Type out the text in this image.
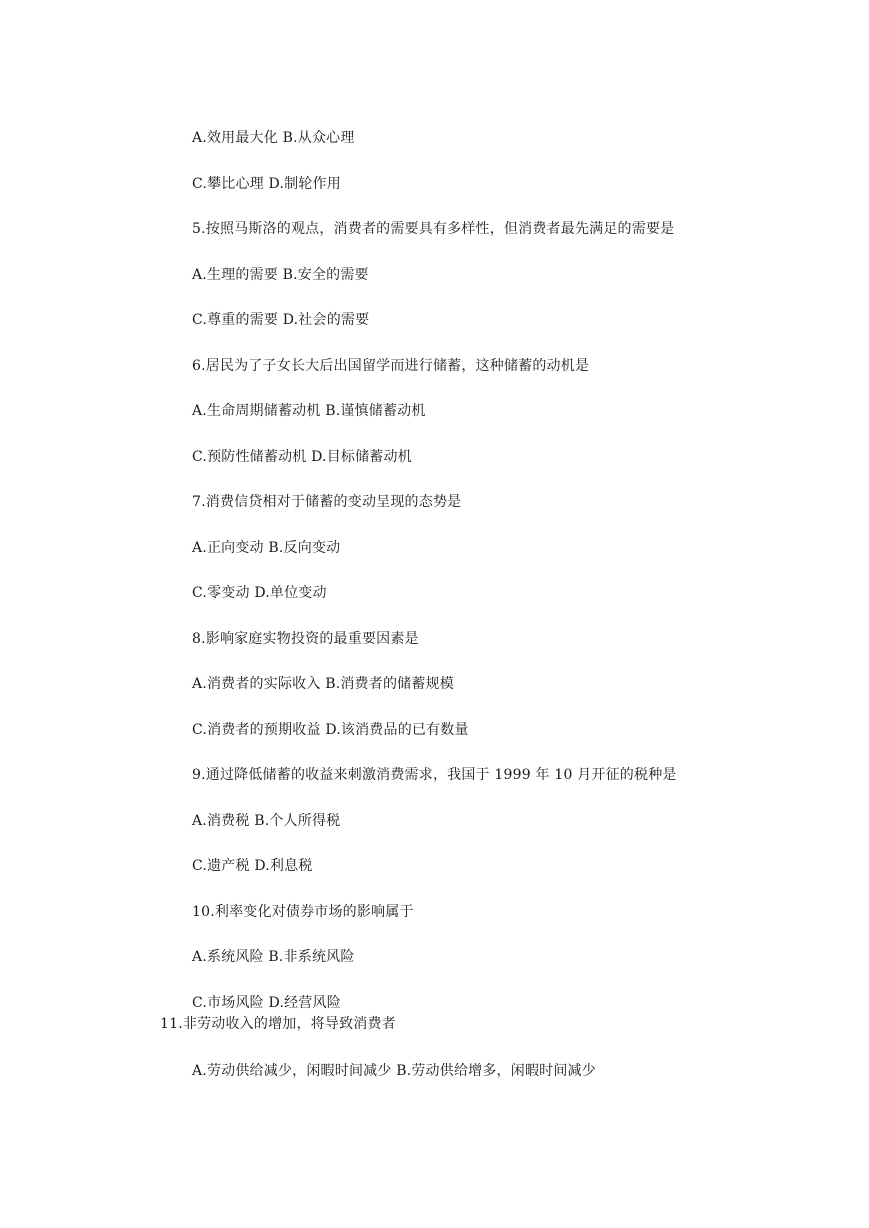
A.效用最大化 B.从众心理
C.攀比心理 D.制轮作用
5.按照马斯洛的观点，消费者的需要具有多样性，但消费者最先满足的需要是
A.生理的需要 B.安全的需要
C.尊重的需要 D.社会的需要
6.居民为了子女长大后出国留学而进行储蓄，这种储蓄的动机是
A.生命周期储蓄动机 B.谨慎储蓄动机
C.预防性储蓄动机 D.目标储蓄动机
7.消费信贷相对于储蓄的变动呈现的态势是
A.正向变动 B.反向变动
C.零变动 D.单位变动
8.影响家庭实物投资的最重要因素是
A.消费者的实际收入 B.消费者的储蓄规模
C.消费者的预期收益 D.该消费品的已有数量
9.通过降低储蓄的收益来刺激消费需求，我国于 1999 年 10 月开征的税种是
A.消费税 B.个人所得税
C.遗产税 D.利息税
10.利率变化对债券市场的影响属于
A.系统风险 B.非系统风险
C.市场风险 D.经营风险
11.非劳动收入的增加，将导致消费者
A.劳动供给减少，闲暇时间减少 B.劳动供给增多，闲暇时间减少
